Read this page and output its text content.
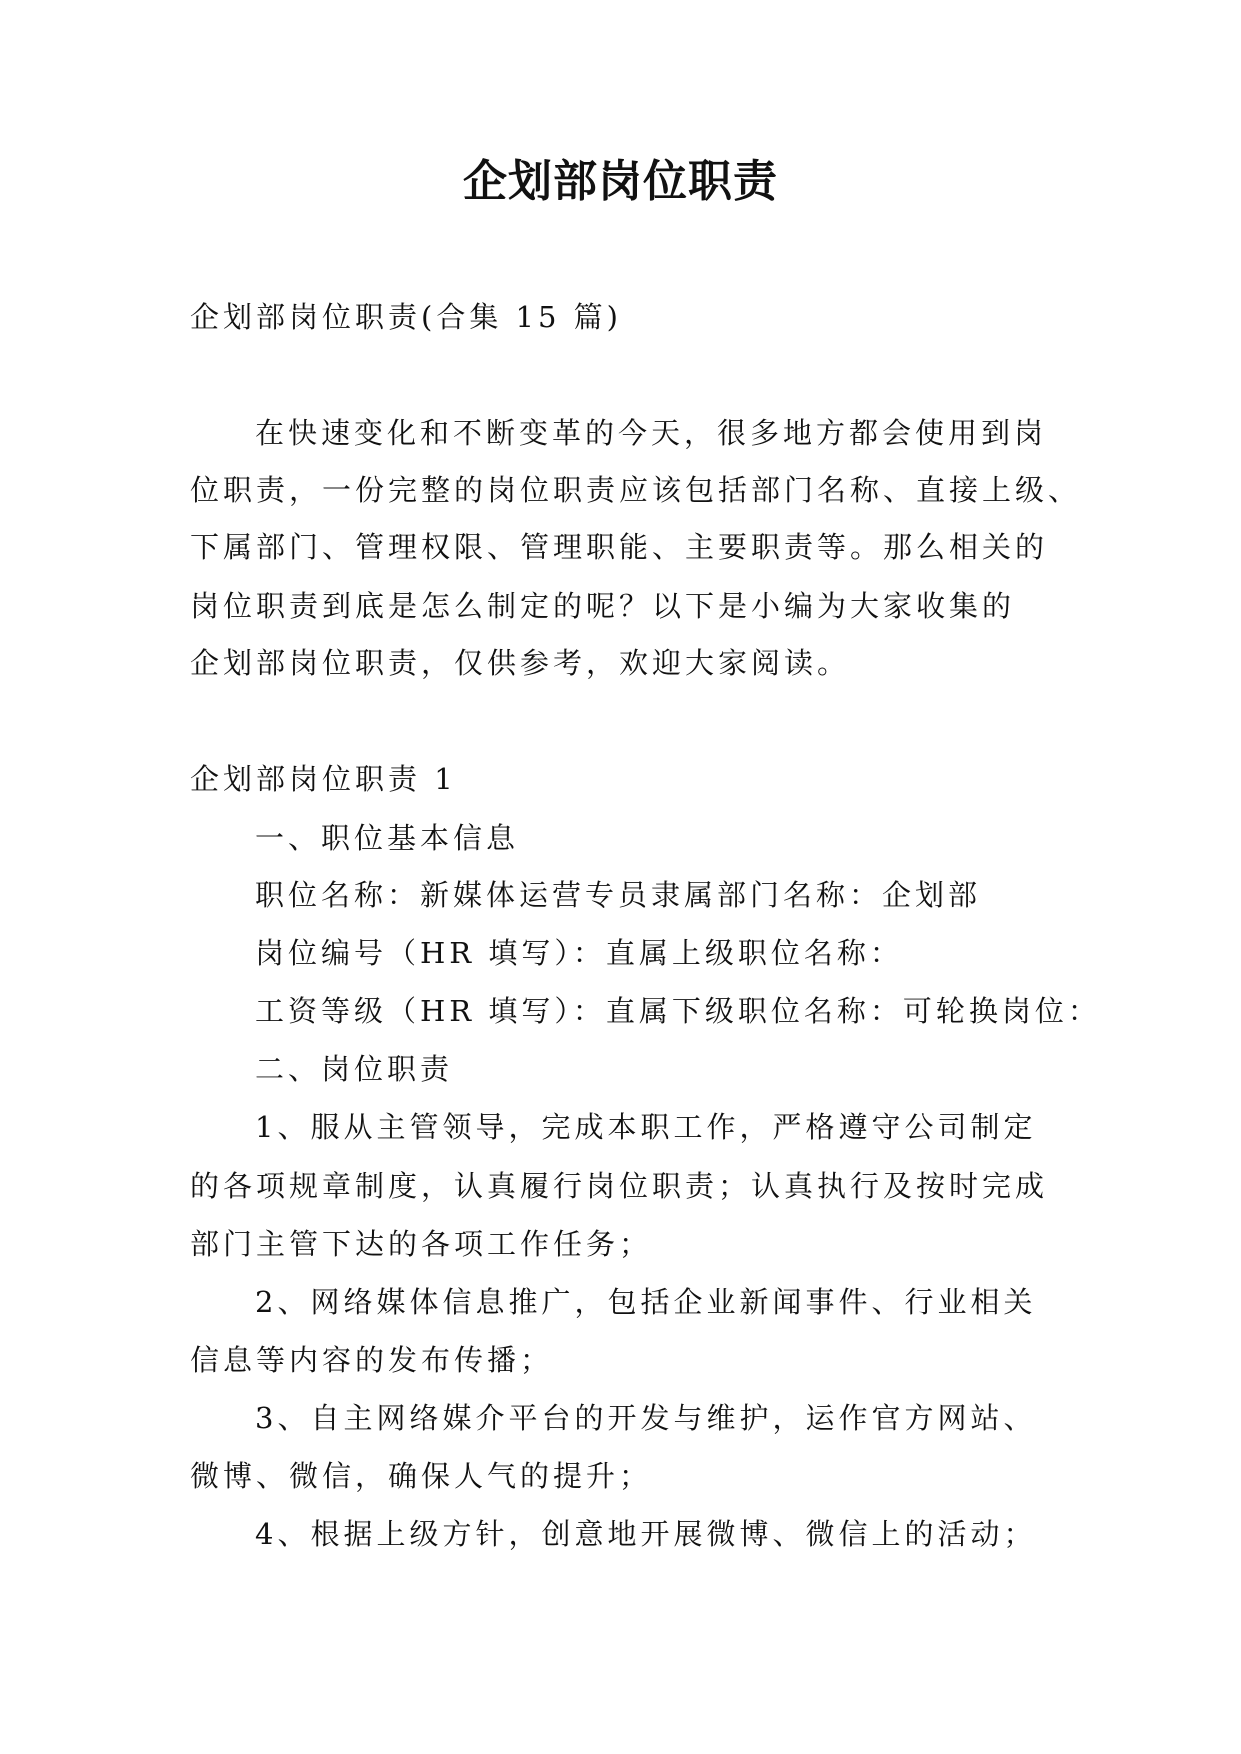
企划部岗位职责
企划部岗位职责(合集 15 篇)
在快速变化和不断变革的今天，很多地方都会使用到岗
位职责，一份完整的岗位职责应该包括部门名称、直接上级、
下属部门、管理权限、管理职能、主要职责等。那么相关的
岗位职责到底是怎么制定的呢？以下是小编为大家收集的
企划部岗位职责，仅供参考，欢迎大家阅读。
企划部岗位职责 1
一、职位基本信息
职位名称：新媒体运营专员隶属部门名称：企划部
岗位编号（HR 填写）：直属上级职位名称：
工资等级（HR 填写）：直属下级职位名称：可轮换岗位：
二、岗位职责
1、服从主管领导，完成本职工作，严格遵守公司制定
的各项规章制度，认真履行岗位职责；认真执行及按时完成
部门主管下达的各项工作任务；
2、网络媒体信息推广，包括企业新闻事件、行业相关
信息等内容的发布传播；
3、自主网络媒介平台的开发与维护，运作官方网站、
微博、微信，确保人气的提升；
4、根据上级方针，创意地开展微博、微信上的活动；
